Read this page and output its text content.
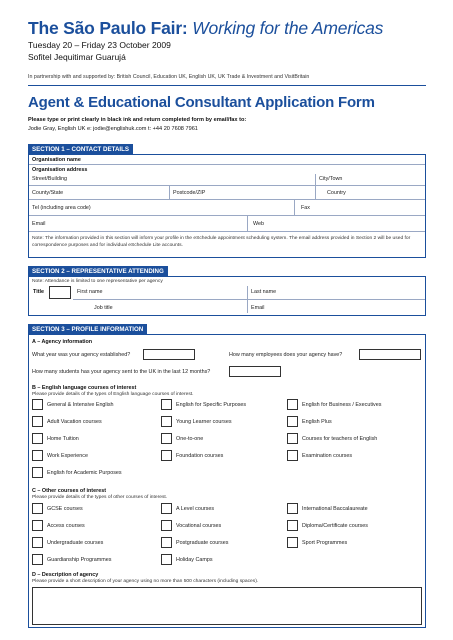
The São Paulo Fair: Working for the Americas
Tuesday 20 – Friday 23 October 2009
Sofitel Jequitimar Guarujá
In partnership with and supported by: British Council, Education UK, English UK, UK Trade & Investment and VisitBritain
Agent & Educational Consultant Application Form
Please type or print clearly in black ink and return completed form by email/fax to:
Jodie Gray, English UK e: jodie@englishuk.com t: +44 20 7608 7961
SECTION 1 – CONTACT DETAILS
Organisation name
Organisation address
Street/Building	City/Town
County/State	Postcode/ZIP	Country
Tel (including area code)	Fax
Email	Web
Note: The information provided in this section will inform your profile in the eSchedule appointment scheduling system. The email address provided in Section 2 will be used for correspondence purposes and for individual eSchedule Lite accounts.
SECTION 2 – REPRESENTATIVE ATTENDING
Note: Attendance is limited to one representative per agency
Title	First name	Last name
Job title	Email
SECTION 3 – PROFILE INFORMATION
A – Agency information
What year was your agency established?	How many employees does your agency have?
How many students has your agency sent to the UK in the last 12 months?
B – English language courses of interest
Please provide details of the types of English language courses of interest.
General & Intensive English	English for Specific Purposes	English for Business / Executives
Adult Vacation courses	Young Learner courses	English Plus
Home Tuition	One-to-one	Courses for teachers of English
Work Experience	Foundation courses	Examination courses
English for Academic Purposes
C – Other courses of interest
Please provide details of the types of other courses of interest.
GCSE courses	A Level courses	International Baccalaureate
Access courses	Vocational courses	Diploma/Certificate courses
Undergraduate courses	Postgraduate courses	Sport Programmes
Guardianship Programmes	Holiday Camps
D – Description of agency
Please provide a short description of your agency using no more than 500 characters (including spaces).
